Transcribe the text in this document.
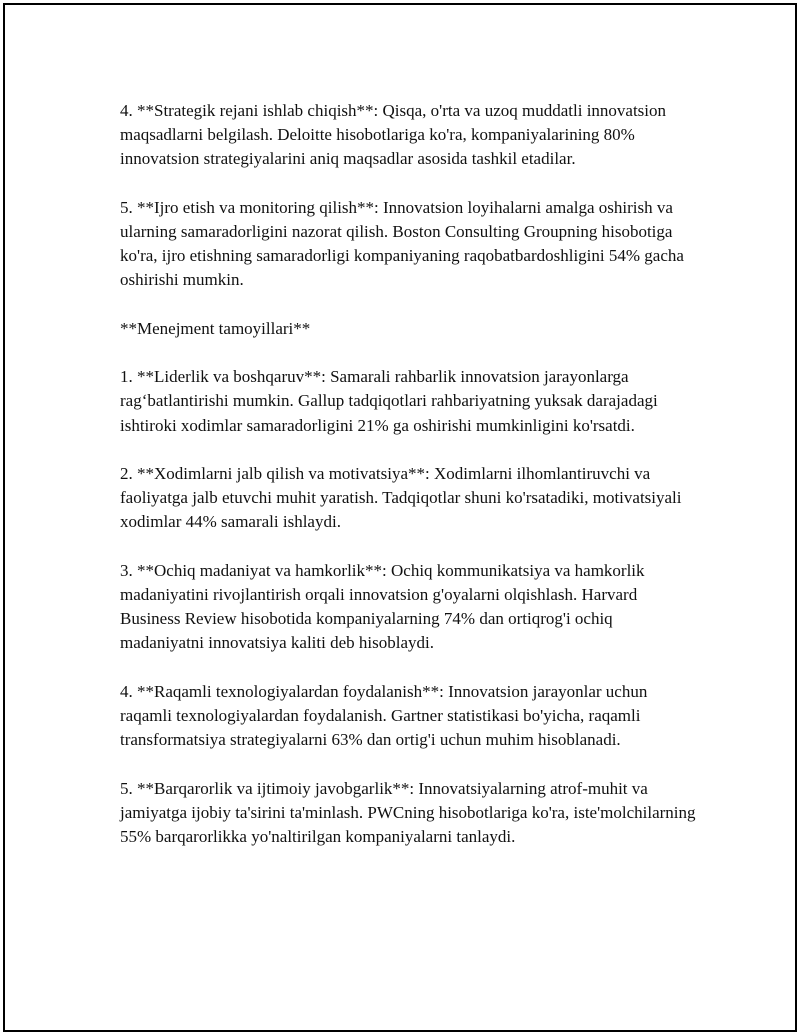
4. **Strategik rejani ishlab chiqish**: Qisqa, o'rta va uzoq muddatli innovatsion maqsadlarni belgilash. Deloitte hisobotlariga ko'ra, kompaniyalarining 80% innovatsion strategiyalarini aniq maqsadlar asosida tashkil etadilar.

5. **Ijro etish va monitoring qilish**: Innovatsion loyihalarni amalga oshirish va ularning samaradorligini nazorat qilish. Boston Consulting Groupning hisobotiga ko'ra, ijro etishning samaradorligi kompaniyaning raqobatbardoshligini 54% gacha oshirishi mumkin.

**Menejment tamoyillari**

1. **Liderlik va boshqaruv**: Samarali rahbarlik innovatsion jarayonlarga rag‘batlantirishi mumkin. Gallup tadqiqotlari rahbariyatning yuksak darajadagi ishtiroki xodimlar samaradorligini 21% ga oshirishi mumkinligini ko'rsatdi.

2. **Xodimlarni jalb qilish va motivatsiya**: Xodimlarni ilhomlantiruvchi va faoliyatga jalb etuvchi muhit yaratish. Tadqiqotlar shuni ko'rsatadiki, motivatsiyali xodimlar 44% samarali ishlaydi.

3. **Ochiq madaniyat va hamkorlik**: Ochiq kommunikatsiya va hamkorlik madaniyatini rivojlantirish orqali innovatsion g'oyalarni olqishlash. Harvard Business Review hisobotida kompaniyalarning 74% dan ortiqrog'i ochiq madaniyatni innovatsiya kaliti deb hisoblaydi.

4. **Raqamli texnologiyalardan foydalanish**: Innovatsion jarayonlar uchun raqamli texnologiyalardan foydalanish. Gartner statistikasi bo'yicha, raqamli transformatsiya strategiyalarni 63% dan ortig'i uchun muhim hisoblanadi.

5. **Barqarorlik va ijtimoiy javobgarlik**: Innovatsiyalarning atrof-muhit va jamiyatga ijobiy ta'sirini ta'minlash. PWCning hisobotlariga ko'ra, iste'molchilarning 55% barqarorlikka yo'naltirilgan kompaniyalarni tanlaydi.
